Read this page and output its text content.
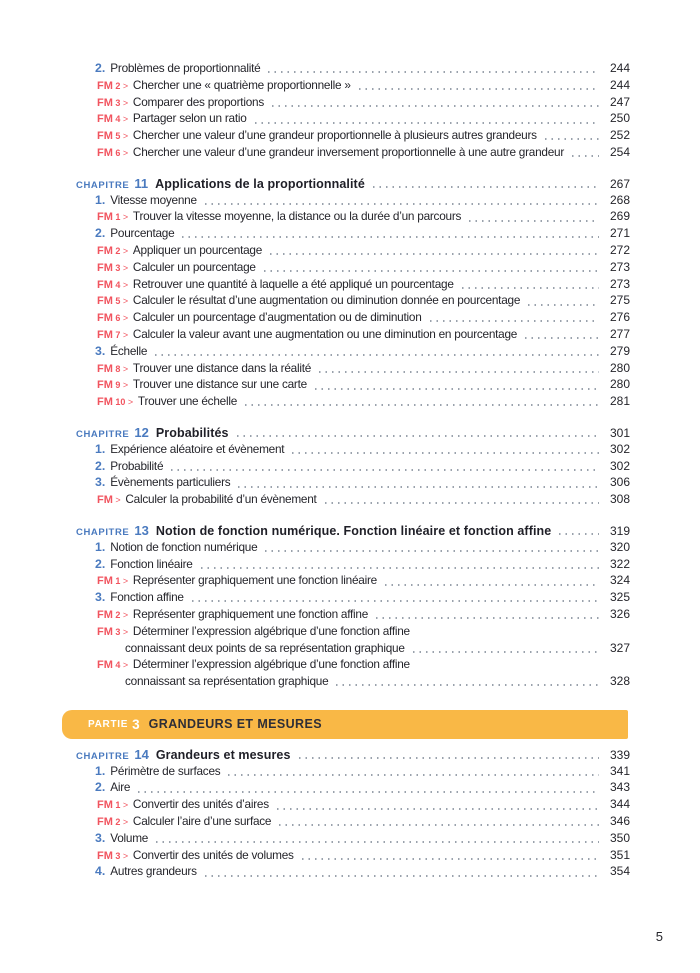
2. Problèmes de proportionnalité	244
FM 2 > Chercher une « quatrième proportionnelle »	244
FM 3 > Comparer des proportions	247
FM 4 > Partager selon un ratio	250
FM 5 > Chercher une valeur d’une grandeur proportionnelle à plusieurs autres grandeurs	252
FM 6 > Chercher une valeur d’une grandeur inversement proportionnelle à une autre grandeur	254
CHAPITRE 11 Applications de la proportionnalité	267
1. Vitesse moyenne	268
FM 1 > Trouver la vitesse moyenne, la distance ou la durée d’un parcours	269
2. Pourcentage	271
FM 2 > Appliquer un pourcentage	272
FM 3 > Calculer un pourcentage	273
FM 4 > Retrouver une quantité à laquelle a été appliqué un pourcentage	273
FM 5 > Calculer le résultat d’une augmentation ou diminution donnée en pourcentage	275
FM 6 > Calculer un pourcentage d’augmentation ou de diminution	276
FM 7 > Calculer la valeur avant une augmentation ou une diminution en pourcentage	277
3. Échelle	279
FM 8 > Trouver une distance dans la réalité	280
FM 9 > Trouver une distance sur une carte	280
FM 10 > Trouver une échelle	281
CHAPITRE 12 Probabilités	301
1. Expérience aléatoire et évènement	302
2. Probabilité	302
3. Évènements particuliers	306
FM > Calculer la probabilité d’un évènement	308
CHAPITRE 13 Notion de fonction numérique. Fonction linéaire et fonction affine	319
1. Notion de fonction numérique	320
2. Fonction linéaire	322
FM 1 > Représenter graphiquement une fonction linéaire	324
3. Fonction affine	325
FM 2 > Représenter graphiquement une fonction affine	326
FM 3 > Déterminer l’expression algébrique d’une fonction affine
connaissant deux points de sa représentation graphique	327
FM 4 > Déterminer l’expression algébrique d’une fonction affine
connaissant sa représentation graphique	328
PARTIE 3 GRANDEURS ET MESURES
CHAPITRE 14 Grandeurs et mesures	339
1. Périmètre de surfaces	341
2. Aire	343
FM 1 > Convertir des unités d’aires	344
FM 2 > Calculer l’aire d’une surface	346
3. Volume	350
FM 3 > Convertir des unités de volumes	351
4. Autres grandeurs	354
5
